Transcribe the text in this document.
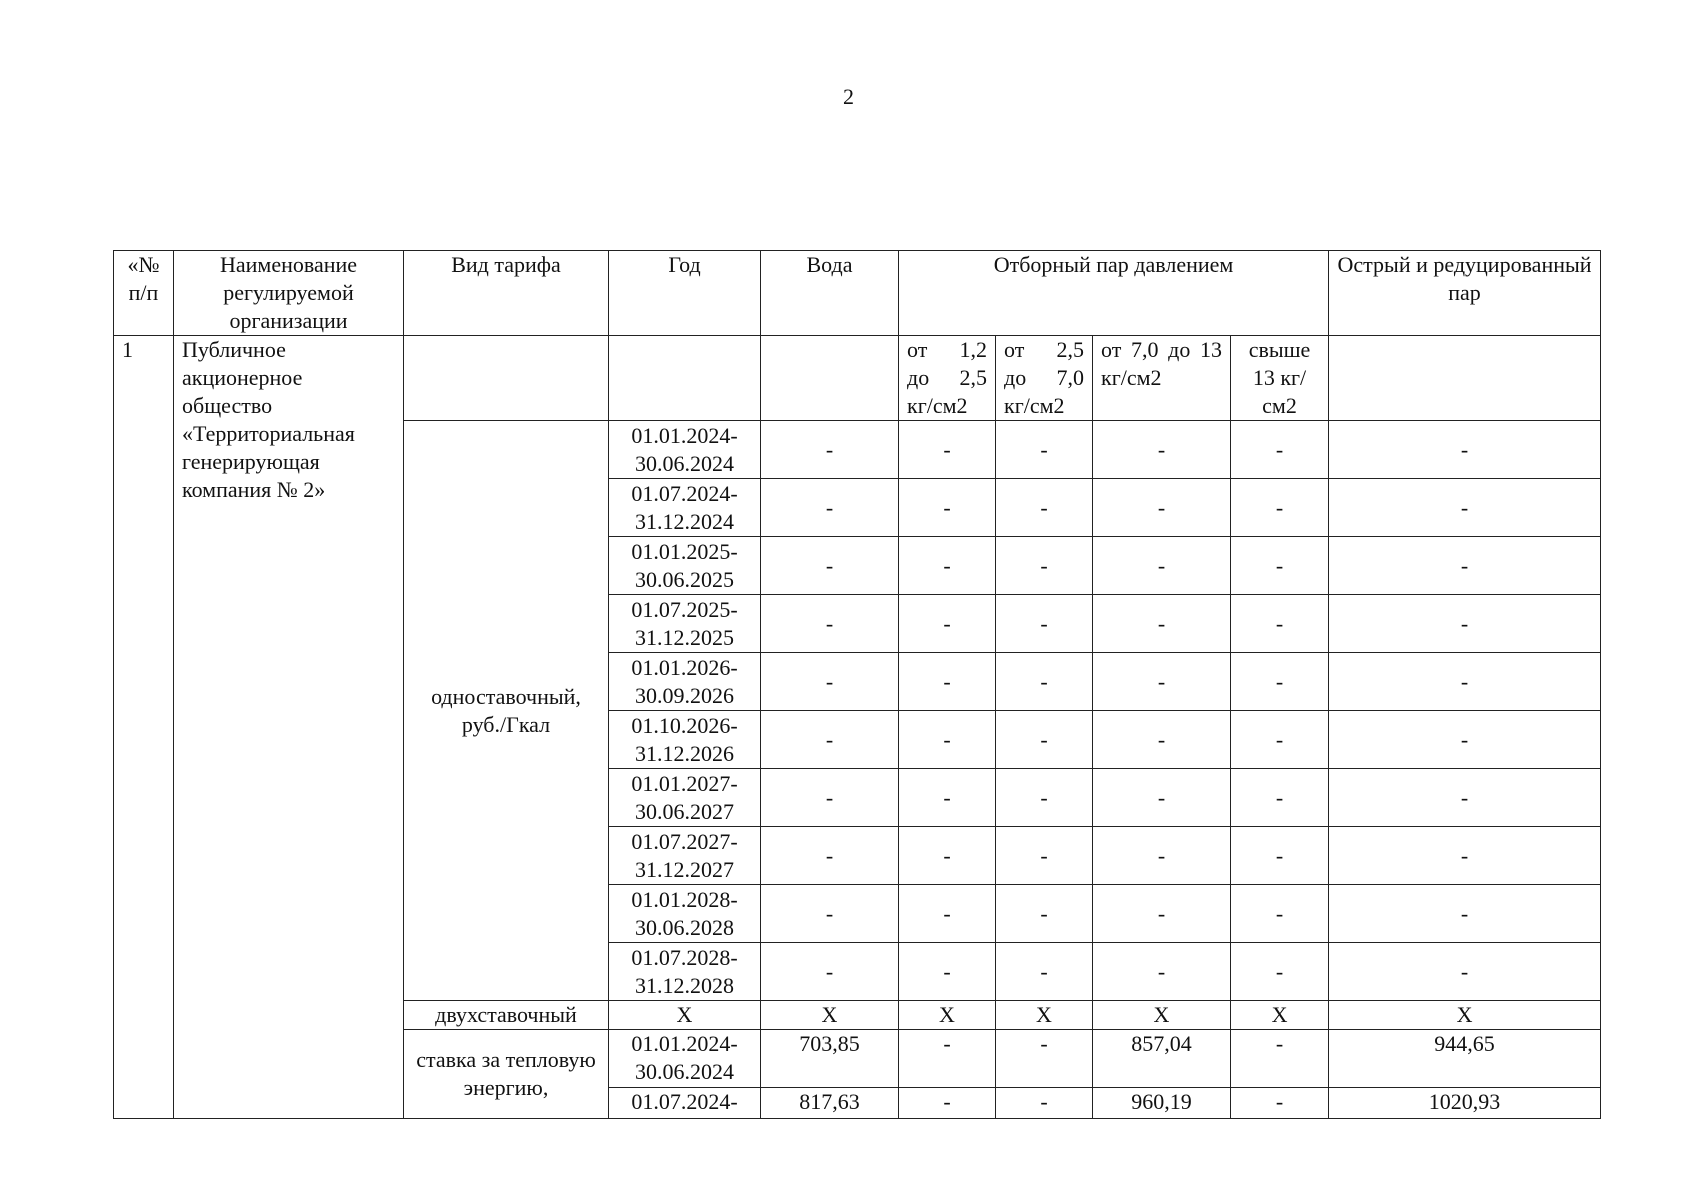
2
«№ п/п	Наименование регулируемой организации	Вид тарифа	Год	Вода	Отборный пар давлением				Острый и редуцированный пар
1	Публичное акционерное общество «Территориальная генерирующая компания № 2»				от 1,2 до 2,5 кг/см2	от 2,5 до 7,0 кг/см2	от 7,0 до 13 кг/см2	свыше 13 кг/см2	
		одноставочный, руб./Гкал	01.01.2024-30.06.2024	-	-	-	-	-	-
			01.07.2024-31.12.2024	-	-	-	-	-	-
			01.01.2025-30.06.2025	-	-	-	-	-	-
			01.07.2025-31.12.2025	-	-	-	-	-	-
			01.01.2026-30.09.2026	-	-	-	-	-	-
			01.10.2026-31.12.2026	-	-	-	-	-	-
			01.01.2027-30.06.2027	-	-	-	-	-	-
			01.07.2027-31.12.2027	-	-	-	-	-	-
			01.01.2028-30.06.2028	-	-	-	-	-	-
			01.07.2028-31.12.2028	-	-	-	-	-	-
		двухставочный	X	X	X	X	X	X	X
		ставка за тепловую энергию,	01.01.2024-30.06.2024	703,85	-	-	857,04	-	944,65
			01.07.2024-	817,63	-	-	960,19	-	1020,93
